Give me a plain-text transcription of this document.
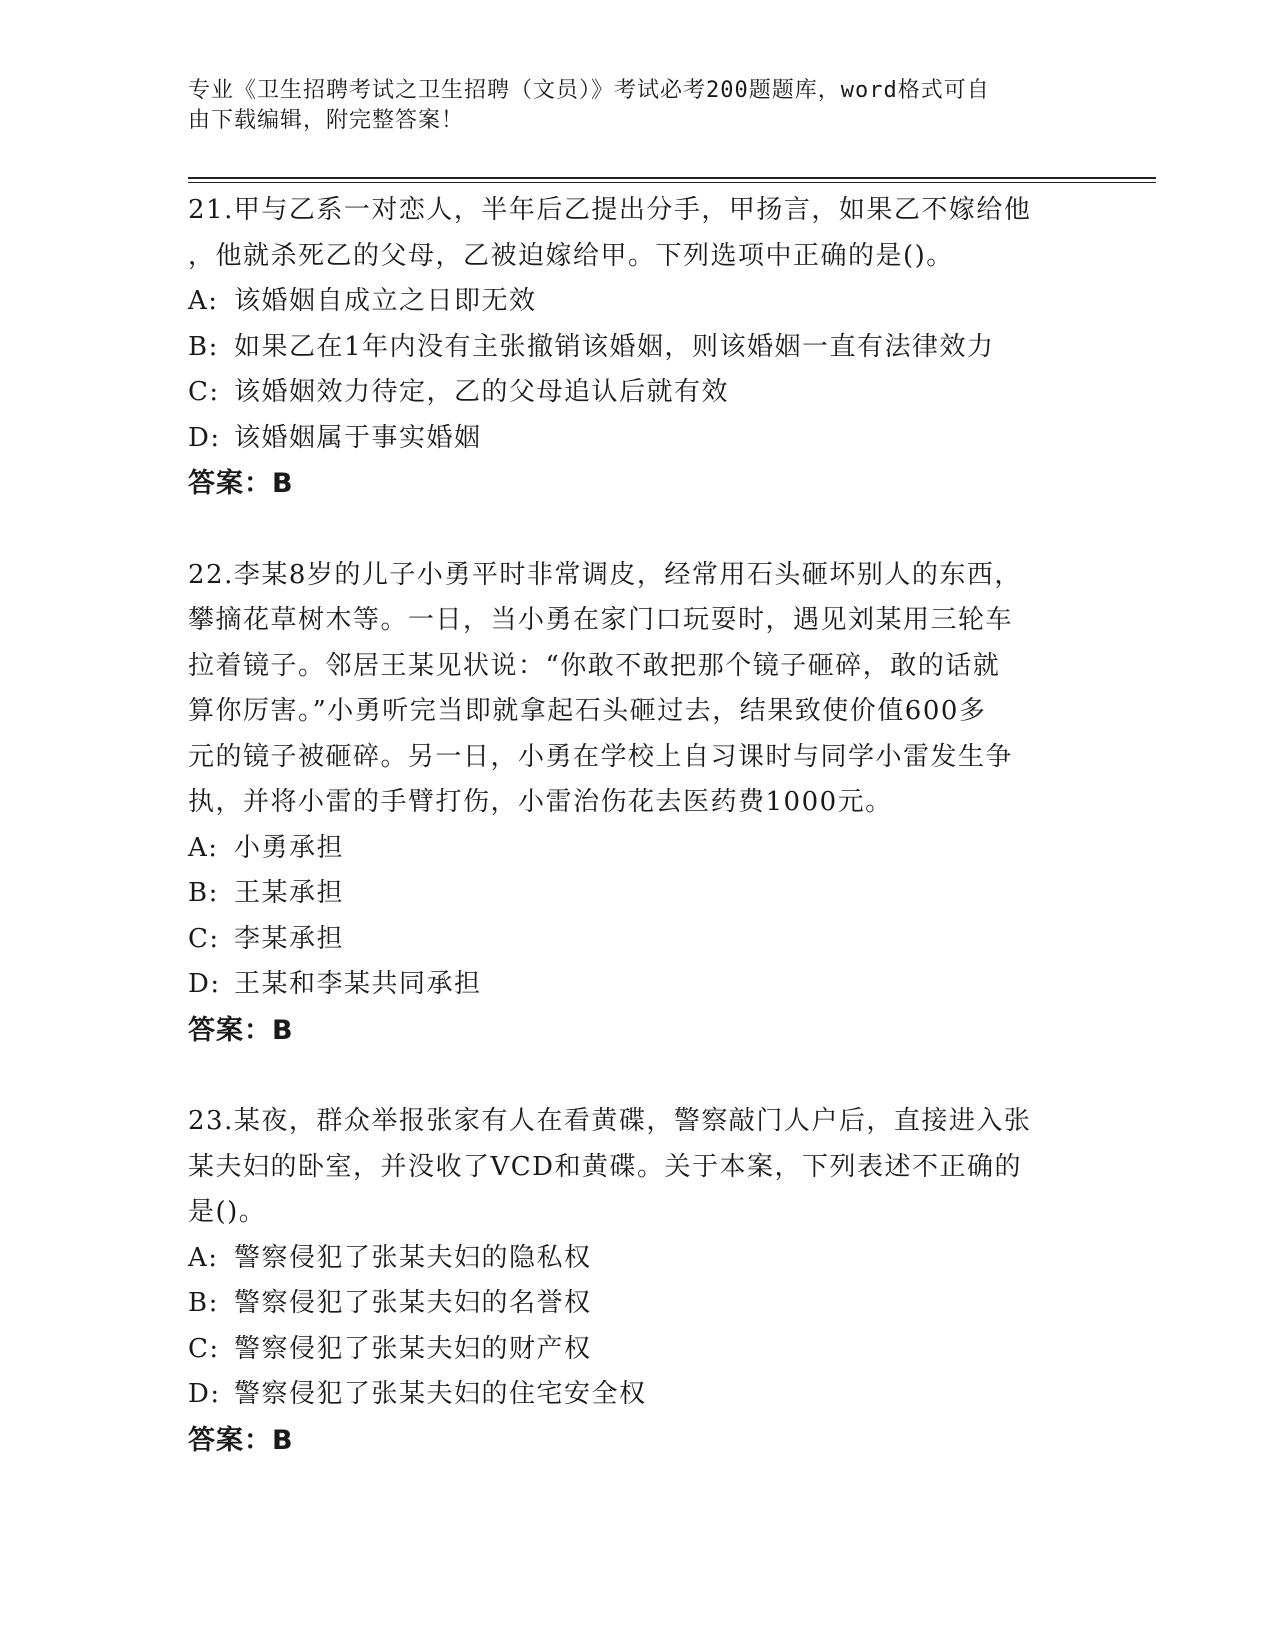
专业《卫生招聘考试之卫生招聘（文员）》考试必考200题题库，word格式可自
由下载编辑，附完整答案！

21.甲与乙系一对恋人，半年后乙提出分手，甲扬言，如果乙不嫁给他

，他就杀死乙的父母，乙被迫嫁给甲。下列选项中正确的是()。

A: 该婚姻自成立之日即无效

B: 如果乙在1年内没有主张撤销该婚姻，则该婚姻一直有法律效力

C: 该婚姻效力待定，乙的父母追认后就有效

D: 该婚姻属于事实婚姻

答案：B

22.李某8岁的儿子小勇平时非常调皮，经常用石头砸坏别人的东西，

攀摘花草树木等。一日，当小勇在家门口玩耍时，遇见刘某用三轮车

拉着镜子。邻居王某见状说：“你敢不敢把那个镜子砸碎，敢的话就

算你厉害。”小勇听完当即就拿起石头砸过去，结果致使价值600多

元的镜子被砸碎。另一日，小勇在学校上自习课时与同学小雷发生争

执，并将小雷的手臂打伤，小雷治伤花去医药费1000元。

A: 小勇承担

B: 王某承担

C: 李某承担

D: 王某和李某共同承担

答案：B

23.某夜，群众举报张家有人在看黄碟，警察敲门人户后，直接进入张

某夫妇的卧室，并没收了VCD和黄碟。关于本案，下列表述不正确的

是()。

A: 警察侵犯了张某夫妇的隐私权

B: 警察侵犯了张某夫妇的名誉权

C: 警察侵犯了张某夫妇的财产权

D: 警察侵犯了张某夫妇的住宅安全权

答案：B
